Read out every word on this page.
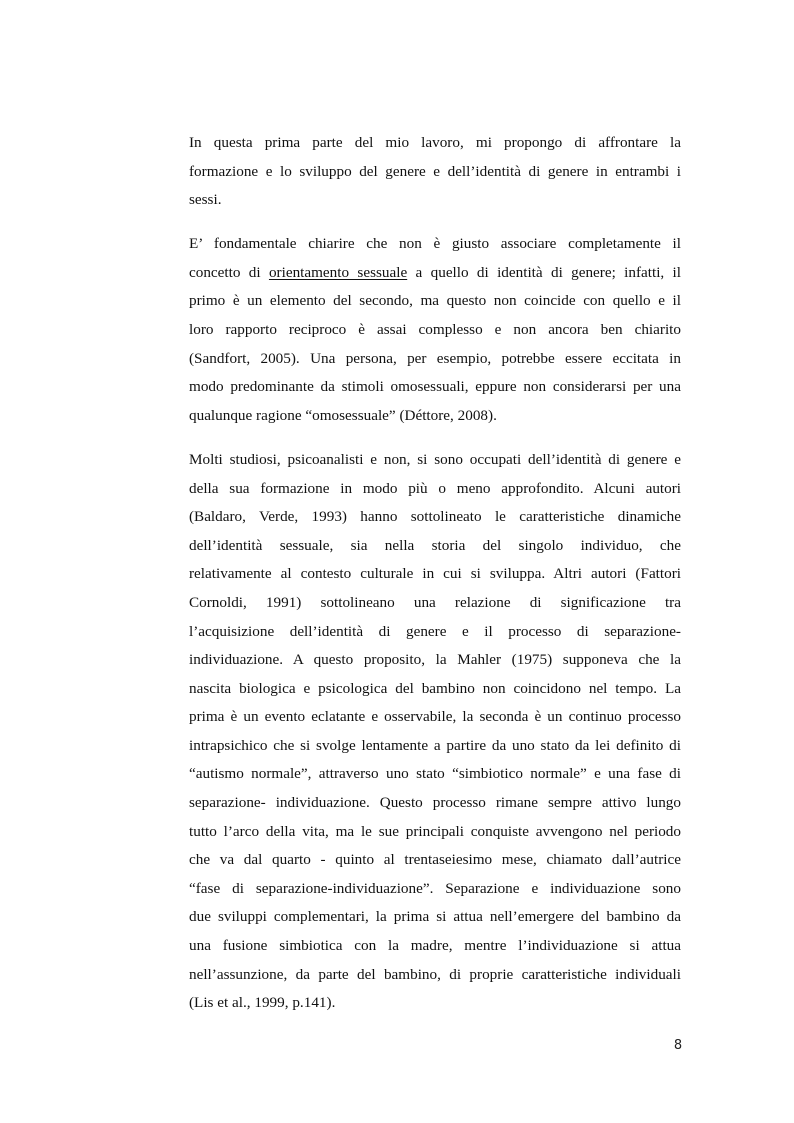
In questa prima parte del mio lavoro, mi propongo di affrontare la
formazione e lo sviluppo del genere e dell’identità di genere in entrambi i
sessi.

E’ fondamentale chiarire che non è giusto associare completamente il
concetto di orientamento sessuale a quello di identità di genere; infatti, il
primo è un elemento del secondo, ma questo non coincide con quello e il
loro rapporto reciproco è assai complesso e non ancora ben chiarito
(Sandfort, 2005). Una persona, per esempio, potrebbe essere eccitata in
modo predominante da stimoli omosessuali, eppure non considerarsi per una
qualunque ragione “omosessuale” (Déttore, 2008).

Molti studiosi, psicoanalisti e non, si sono occupati dell’identità di genere e
della sua formazione in modo più o meno approfondito. Alcuni autori
(Baldaro, Verde, 1993) hanno sottolineato le caratteristiche dinamiche
dell’identità sessuale, sia nella storia del singolo individuo, che
relativamente al contesto culturale in cui si sviluppa. Altri autori (Fattori
Cornoldi, 1991) sottolineano una relazione di significazione tra
l’acquisizione dell’identità di genere e il processo di separazione-
individuazione. A questo proposito, la Mahler (1975) supponeva che la
nascita biologica e psicologica del bambino non coincidono nel tempo. La
prima è un evento eclatante e osservabile, la seconda è un continuo processo
intrapsichico che si svolge lentamente a partire da uno stato da lei definito di
“autismo normale”, attraverso uno stato “simbiotico normale” e una fase di
separazione- individuazione. Questo processo rimane sempre attivo lungo
tutto l’arco della vita, ma le sue principali conquiste avvengono nel periodo
che va dal quarto - quinto al trentaseiesimo mese, chiamato dall’autrice
“fase di separazione-individuazione”. Separazione e individuazione sono
due sviluppi complementari, la prima si attua nell’emergere del bambino da
una fusione simbiotica con la madre, mentre l’individuazione si attua
nell’assunzione, da parte del bambino, di proprie caratteristiche individuali
(Lis et al., 1999, p.141).

8
